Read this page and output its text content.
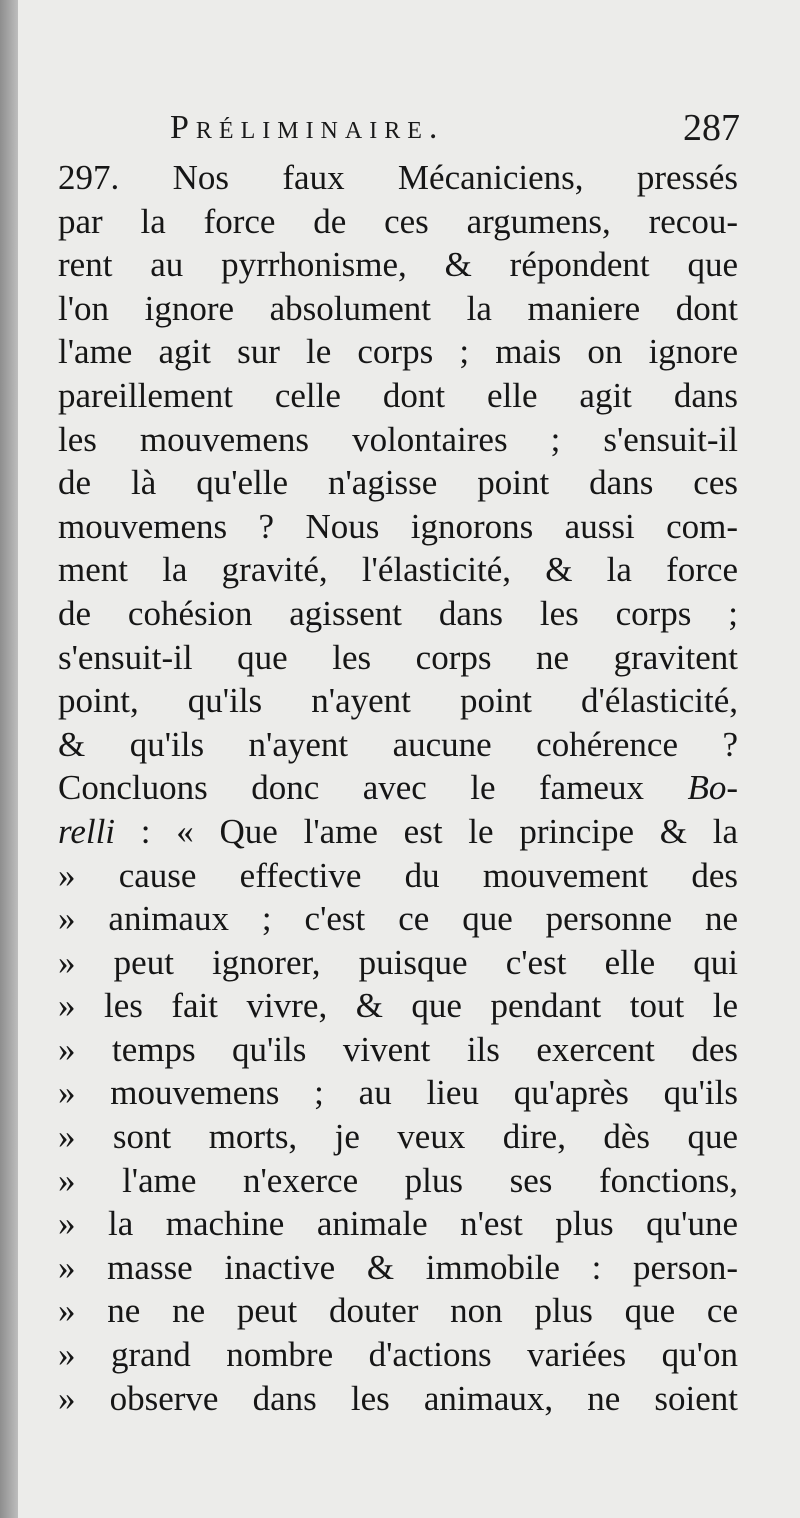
Préliminaire.	287
297. Nos faux Mécaniciens, pressés
par la force de ces argumens, recou-
rent au pyrrhonisme, & répondent que
l'on ignore absolument la maniere dont
l'ame agit sur le corps ; mais on ignore
pareillement celle dont elle agit dans
les mouvemens volontaires ; s'ensuit-il
de là qu'elle n'agisse point dans ces
mouvemens ? Nous ignorons aussi com-
ment la gravité, l'élasticité, & la force
de cohésion agissent dans les corps ;
s'ensuit-il que les corps ne gravitent
point, qu'ils n'ayent point d'élasticité,
& qu'ils n'ayent aucune cohérence ?
Concluons donc avec le fameux Bo-
relli : « Que l'ame est le principe & la
» cause effective du mouvement des
» animaux ; c'est ce que personne ne
» peut ignorer, puisque c'est elle qui
» les fait vivre, & que pendant tout le
» temps qu'ils vivent ils exercent des
» mouvemens ; au lieu qu'après qu'ils
» sont morts, je veux dire, dès que
» l'ame n'exerce plus ses fonctions,
» la machine animale n'est plus qu'une
» masse inactive & immobile : person-
» ne ne peut douter non plus que ce
» grand nombre d'actions variées qu'on
» observe dans les animaux, ne soient
